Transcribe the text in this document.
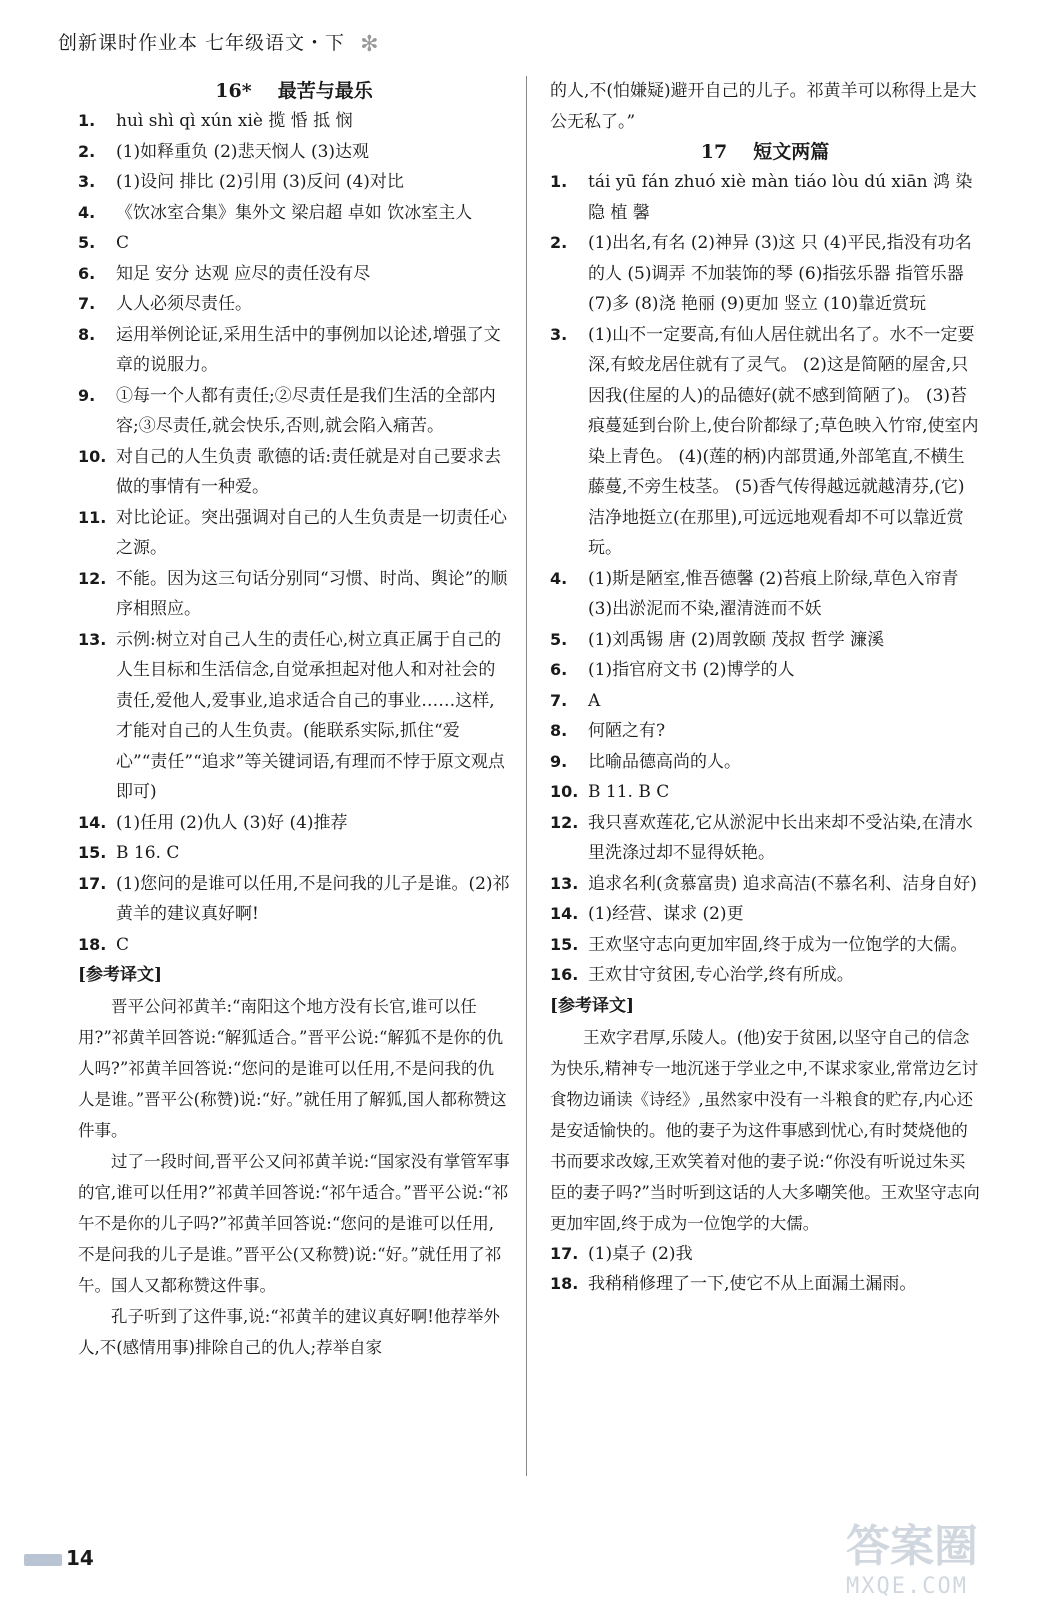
创新课时作业本 七年级语文・下 ✻
16* 最苦与最乐
1.	huì shì qì xún xiè 揽 惛 抵 悯
2.	(1)如释重负 (2)悲天悯人 (3)达观
3.	(1)设问 排比 (2)引用 (3)反问 (4)对比
4.	《饮冰室合集》集外文 梁启超 卓如 饮冰室主人
5.	C
6.	知足 安分 达观 应尽的责任没有尽
7.	人人必须尽责任。
8.	运用举例论证,采用生活中的事例加以论述,增强了文章的说服力。
9.	①每一个人都有责任;②尽责任是我们生活的全部内容;③尽责任,就会快乐,否则,就会陷入痛苦。
10. 对自己的人生负责 歌德的话:责任就是对自己要求去做的事情有一种爱。
11. 对比论证。突出强调对自己的人生负责是一切责任心之源。
12. 不能。因为这三句话分别同“习惯、时尚、舆论”的顺序相照应。
13. 示例:树立对自己人生的责任心,树立真正属于自己的人生目标和生活信念,自觉承担起对他人和对社会的责任,爱他人,爱事业,追求适合自己的事业……这样,才能对自己的人生负责。(能联系实际,抓住“爱心”“责任”“追求”等关键词语,有理而不悖于原文观点即可)
14. (1)任用 (2)仇人 (3)好 (4)推荐
15. B 16. C
17. (1)您问的是谁可以任用,不是问我的儿子是谁。(2)祁黄羊的建议真好啊!
18. C
[参考译文]
晋平公问祁黄羊:“南阳这个地方没有长官,谁可以任用?”祁黄羊回答说:“解狐适合。”晋平公说:“解狐不是你的仇人吗?”祁黄羊回答说:“您问的是谁可以任用,不是问我的仇人是谁。”晋平公(称赞)说:“好。”就任用了解狐,国人都称赞这件事。
过了一段时间,晋平公又问祁黄羊说:“国家没有掌管军事的官,谁可以任用?”祁黄羊回答说:“祁午适合。”晋平公说:“祁午不是你的儿子吗?”祁黄羊回答说:“您问的是谁可以任用,不是问我的儿子是谁。”晋平公(又称赞)说:“好。”就任用了祁午。国人又都称赞这件事。
孔子听到了这件事,说:“祁黄羊的建议真好啊!他荐举外人,不(感情用事)排除自己的仇人;荐举自家
的人,不(怕嫌疑)避开自己的儿子。祁黄羊可以称得上是大公无私了。”
17 短文两篇
1.	tái yū fán zhuó xiè màn tiáo lòu dú xiān 鸿 染 隐 植 馨
2.	(1)出名,有名 (2)神异 (3)这 只 (4)平民,指没有功名的人 (5)调弄 不加装饰的琴 (6)指弦乐器 指管乐器 (7)多 (8)浇 艳丽 (9)更加 竖立 (10)靠近赏玩
3.	(1)山不一定要高,有仙人居住就出名了。水不一定要深,有蛟龙居住就有了灵气。 (2)这是简陋的屋舍,只因我(住屋的人)的品德好(就不感到简陋了)。 (3)苔痕蔓延到台阶上,使台阶都绿了;草色映入竹帘,使室内染上青色。 (4)(莲的柄)内部贯通,外部笔直,不横生藤蔓,不旁生枝茎。 (5)香气传得越远就越清芬,(它)洁净地挺立(在那里),可远远地观看却不可以靠近赏玩。
4.	(1)斯是陋室,惟吾德馨 (2)苔痕上阶绿,草色入帘青 (3)出淤泥而不染,濯清涟而不妖
5.	(1)刘禹锡 唐 (2)周敦颐 茂叔 哲学 濂溪
6.	(1)指官府文书 (2)博学的人
7.	A
8.	何陋之有?
9.	比喻品德高尚的人。
10. B 11. B C
12. 我只喜欢莲花,它从淤泥中长出来却不受沾染,在清水里洗涤过却不显得妖艳。
13. 追求名利(贪慕富贵) 追求高洁(不慕名利、洁身自好)
14. (1)经营、谋求 (2)更
15. 王欢坚守志向更加牢固,终于成为一位饱学的大儒。
16. 王欢甘守贫困,专心治学,终有所成。
[参考译文]
王欢字君厚,乐陵人。(他)安于贫困,以坚守自己的信念为快乐,精神专一地沉迷于学业之中,不谋求家业,常常边乞讨食物边诵读《诗经》,虽然家中没有一斗粮食的贮存,内心还是安适愉快的。他的妻子为这件事感到忧心,有时焚烧他的书而要求改嫁,王欢笑着对他的妻子说:“你没有听说过朱买臣的妻子吗?”当时听到这话的人大多嘲笑他。王欢坚守志向更加牢固,终于成为一位饱学的大儒。
17. (1)桌子 (2)我
18. 我稍稍修理了一下,使它不从上面漏土漏雨。
14	答案圈
MXQE.COM
